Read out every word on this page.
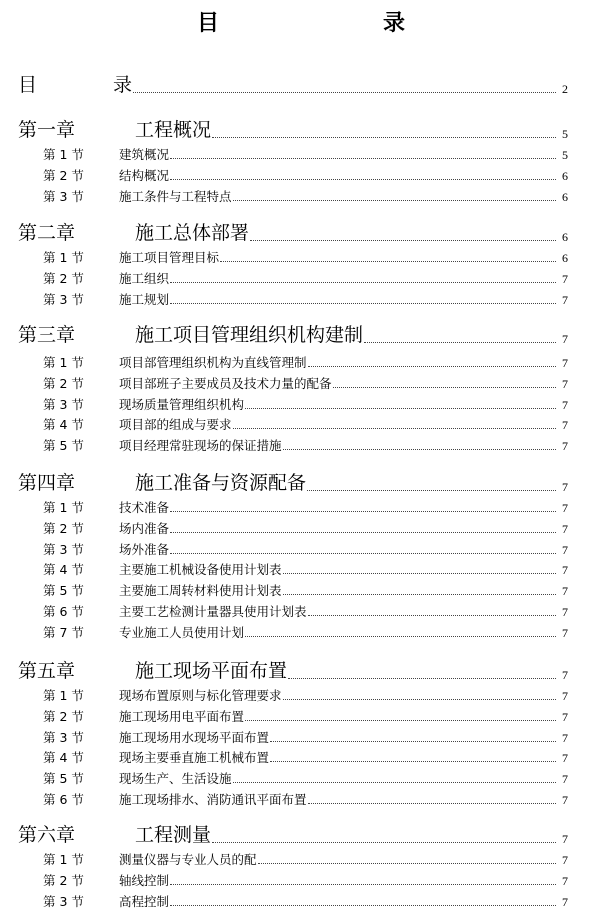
目　　录
目　　　　录	2
第一章	工程概况	5
第 1 节	建筑概况	5
第 2 节	结构概况	6
第 3 节	施工条件与工程特点	6
第二章	施工总体部署	6
第 1 节	施工项目管理目标	6
第 2 节	施工组织	7
第 3 节	施工规划	7
第三章	施工项目管理组织机构建制	7
第 1 节	项目部管理组织机构为直线管理制	7
第 2 节	项目部班子主要成员及技术力量的配备	7
第 3 节	现场质量管理组织机构	7
第 4 节	项目部的组成与要求	7
第 5 节	项目经理常驻现场的保证措施	7
第四章	施工准备与资源配备	7
第 1 节	技术准备	7
第 2 节	场内准备	7
第 3 节	场外准备	7
第 4 节	主要施工机械设备使用计划表	7
第 5 节	主要施工周转材料使用计划表	7
第 6 节	主要工艺检测计量器具使用计划表	7
第 7 节	专业施工人员使用计划	7
第五章	施工现场平面布置	7
第 1 节	现场布置原则与标化管理要求	7
第 2 节	施工现场用电平面布置	7
第 3 节	施工现场用水现场平面布置	7
第 4 节	现场主要垂直施工机械布置	7
第 5 节	现场生产、生活设施	7
第 6 节	施工现场排水、消防通讯平面布置	7
第六章	工程测量	7
第 1 节	测量仪器与专业人员的配	7
第 2 节	轴线控制	7
第 3 节	高程控制	7
